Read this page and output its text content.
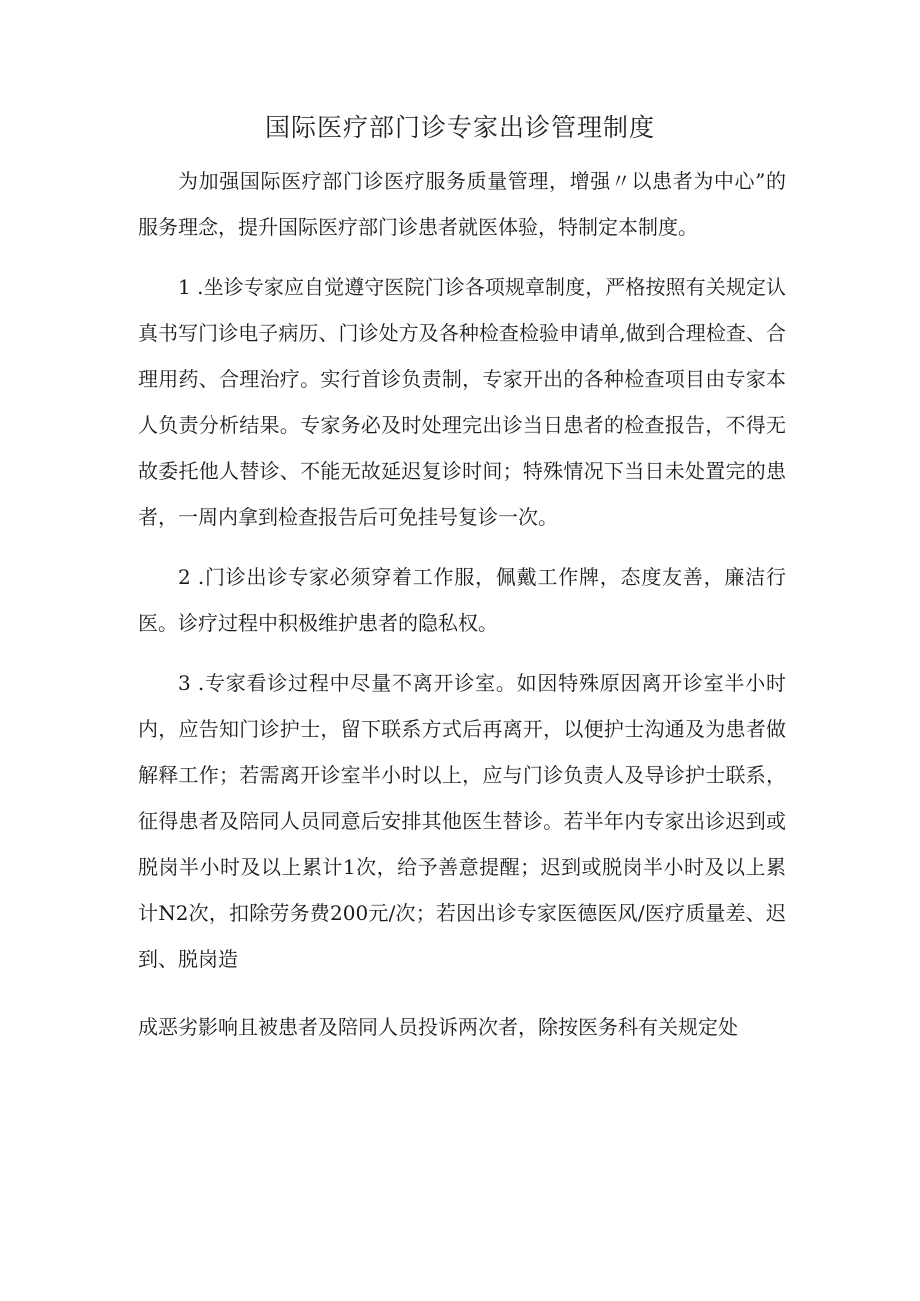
国际医疗部门诊专家出诊管理制度

为加强国际医疗部门诊医疗服务质量管理，增强〃以患者为中心”的服务理念，提升国际医疗部门诊患者就医体验，特制定本制度。

1 .坐诊专家应自觉遵守医院门诊各项规章制度，严格按照有关规定认真书写门诊电子病历、门诊处方及各种检查检验申请单,做到合理检查、合理用药、合理治疗。实行首诊负责制，专家开出的各种检查项目由专家本人负责分析结果。专家务必及时处理完出诊当日患者的检查报告，不得无故委托他人替诊、不能无故延迟复诊时间；特殊情况下当日未处置完的患者，一周内拿到检查报告后可免挂号复诊一次。

2 .门诊出诊专家必须穿着工作服，佩戴工作牌，态度友善，廉洁行医。诊疗过程中积极维护患者的隐私权。

3 .专家看诊过程中尽量不离开诊室。如因特殊原因离开诊室半小时内，应告知门诊护士，留下联系方式后再离开，以便护士沟通及为患者做解释工作；若需离开诊室半小时以上，应与门诊负责人及导诊护士联系，征得患者及陪同人员同意后安排其他医生替诊。若半年内专家出诊迟到或脱岗半小时及以上累计1次，给予善意提醒；迟到或脱岗半小时及以上累计N2次，扣除劳务费200元/次；若因出诊专家医德医风/医疗质量差、迟到、脱岗造

成恶劣影响且被患者及陪同人员投诉两次者，除按医务科有关规定处
